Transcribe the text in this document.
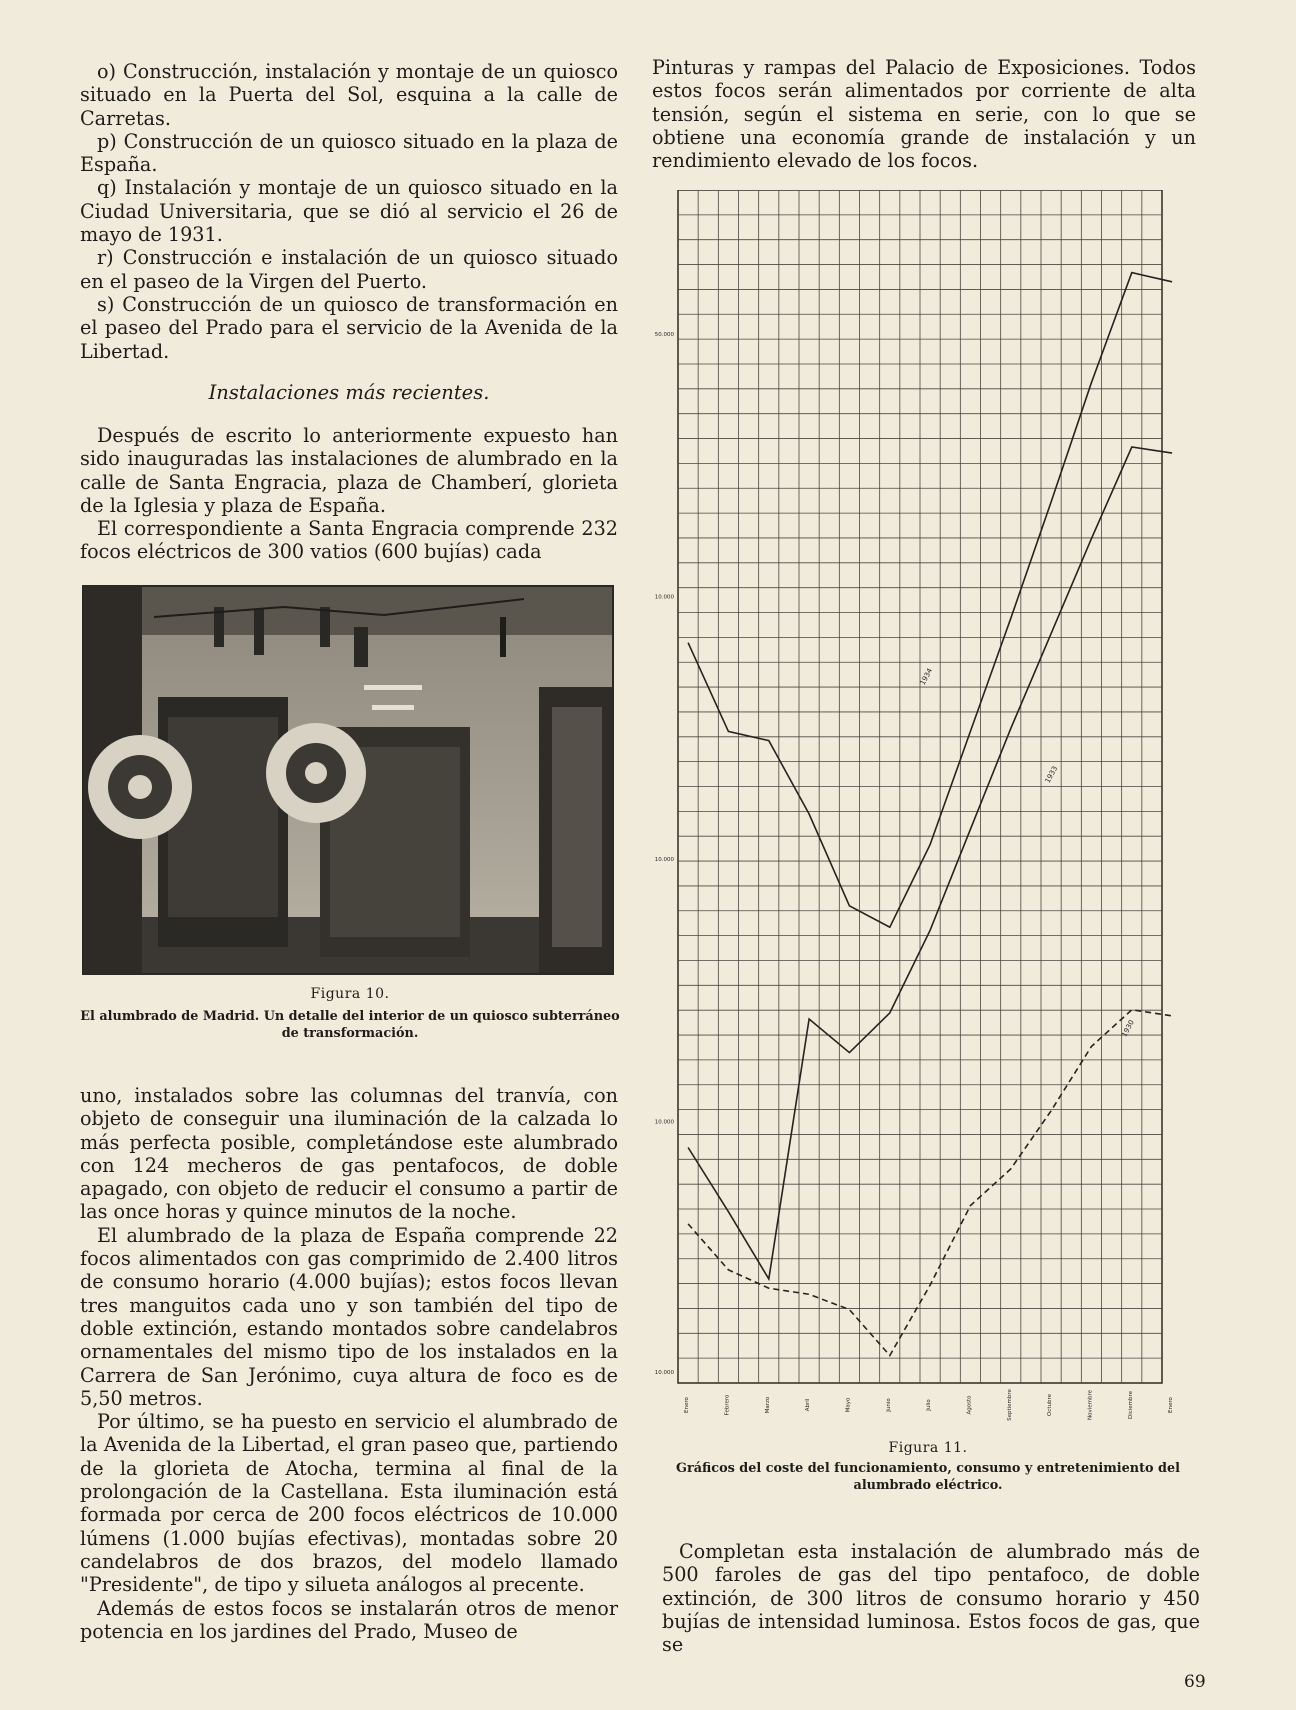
o) Construcción, instalación y montaje de un quiosco situado en la Puerta del Sol, esquina a la calle de Carretas.

p) Construcción de un quiosco situado en la plaza de España.

q) Instalación y montaje de un quiosco situado en la Ciudad Universitaria, que se dió al servicio el 26 de mayo de 1931.

r) Construcción e instalación de un quiosco situado en el paseo de la Virgen del Puerto.

s) Construcción de un quiosco de transformación en el paseo del Prado para el servicio de la Avenida de la Libertad.

Instalaciones más recientes.

Después de escrito lo anteriormente expuesto han sido inauguradas las instalaciones de alumbrado en la calle de Santa Engracia, plaza de Chamberí, glorieta de la Iglesia y plaza de España.

El correspondiente a Santa Engracia comprende 232 focos eléctricos de 300 vatios (600 bujías) cada

Figura 10.
El alumbrado de Madrid. Un detalle del interior de un quiosco subterráneo de transformación.

uno, instalados sobre las columnas del tranvía, con objeto de conseguir una iluminación de la calzada lo más perfecta posible, completándose este alumbrado con 124 mecheros de gas pentafocos, de doble apagado, con objeto de reducir el consumo a partir de las once horas y quince minutos de la noche.

El alumbrado de la plaza de España comprende 22 focos alimentados con gas comprimido de 2.400 litros de consumo horario (4.000 bujías); estos focos llevan tres manguitos cada uno y son también del tipo de doble extinción, estando montados sobre candelabros ornamentales del mismo tipo de los instalados en la Carrera de San Jerónimo, cuya altura de foco es de 5,50 metros.

Por último, se ha puesto en servicio el alumbrado de la Avenida de la Libertad, el gran paseo que, partiendo de la glorieta de Atocha, termina al final de la prolongación de la Castellana. Esta iluminación está formada por cerca de 200 focos eléctricos de 10.000 lúmens (1.000 bujías efectivas), montadas sobre 20 candelabros de dos brazos, del modelo llamado "Presidente", de tipo y silueta análogos al precente.

Además de estos focos se instalarán otros de menor potencia en los jardines del Prado, Museo de

Pinturas y rampas del Palacio de Exposiciones. Todos estos focos serán alimentados por corriente de alta tensión, según el sistema en serie, con lo que se obtiene una economía grande de instalación y un rendimiento elevado de los focos.

50.000
10.000
10.000
10.000
10.000
Enero	Febrero	Marzo	Abril	Mayo	Junio	Julio	Agosto	Septiembre	Octubre	Noviembre	Diciembre	Enero
1934
1933
1930
Figura 11.
Gráficos del coste del funcionamiento, consumo y entretenimiento del alumbrado eléctrico.

Completan esta instalación de alumbrado más de 500 faroles de gas del tipo pentafoco, de doble extinción, de 300 litros de consumo horario y 450 bujías de intensidad luminosa. Estos focos de gas, que se

69
